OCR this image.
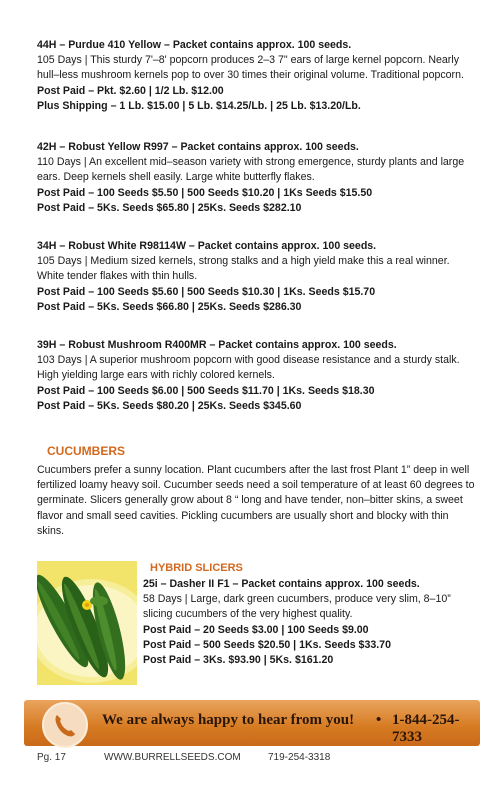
44H – Purdue 410 Yellow – Packet contains approx. 100 seeds.

105 Days | This sturdy 7'–8' popcorn produces 2–3 7" ears of large kernel popcorn. Nearly hull–less mushroom kernels pop to over 30 times their original volume. Traditional popcorn. Post Paid – Pkt. $2.60 | 1/2 Lb. $12.00

Plus Shipping – 1 Lb. $15.00 | 5 Lb. $14.25/Lb. | 25 Lb. $13.20/Lb.

42H – Robust Yellow R997 – Packet contains approx. 100 seeds.

110 Days | An excellent mid–season variety with strong emergence, sturdy plants and large ears. Deep kernels shell easily. Large white butterfly flakes.

Post Paid – 100 Seeds $5.50 | 500 Seeds $10.20 | 1Ks Seeds $15.50

Post Paid – 5Ks. Seeds $65.80 | 25Ks. Seeds $282.10

34H – Robust White R98114W – Packet contains approx. 100 seeds.

105 Days | Medium sized kernels, strong stalks and a high yield make this a real winner. White tender flakes with thin hulls.

Post Paid – 100 Seeds $5.60 | 500 Seeds $10.30 | 1Ks. Seeds $15.70

Post Paid – 5Ks. Seeds $66.80 | 25Ks. Seeds $286.30

39H – Robust Mushroom R400MR – Packet contains approx. 100 seeds.

103 Days | A superior mushroom popcorn with good disease resistance and a sturdy stalk. High yielding large ears with richly colored kernels.

Post Paid – 100 Seeds $6.00 | 500 Seeds $11.70 | 1Ks. Seeds $18.30

Post Paid – 5Ks. Seeds $80.20 | 25Ks. Seeds $345.60

CUCUMBERS
Cucumbers prefer a sunny location. Plant cucumbers after the last frost Plant 1” deep in well fertilized loamy heavy soil. Cucumber seeds need a soil temperature of at least 60 degrees to germinate. Slicers generally grow about 8 “ long and have tender, non–bitter skins, a sweet flavor and small seed cavities. Pickling cucumbers are usually short and blocky with thin skins.
HYBRID SLICERS

25i – Dasher II F1 – Packet contains approx. 100 seeds.

58 Days | Large, dark green cucumbers, produce very slim, 8–10” slicing cucumbers of the very highest quality.

Post Paid – 20 Seeds $3.00 | 100 Seeds $9.00

Post Paid – 500 Seeds $20.50 | 1Ks. Seeds $33.70

Post Paid – 3Ks. $93.90 | 5Ks. $161.20

We are always happy to hear from you! • 1-844-254-7333
Pg. 17	WWW.BURRELLSEEDS.COM	719-254-3318
